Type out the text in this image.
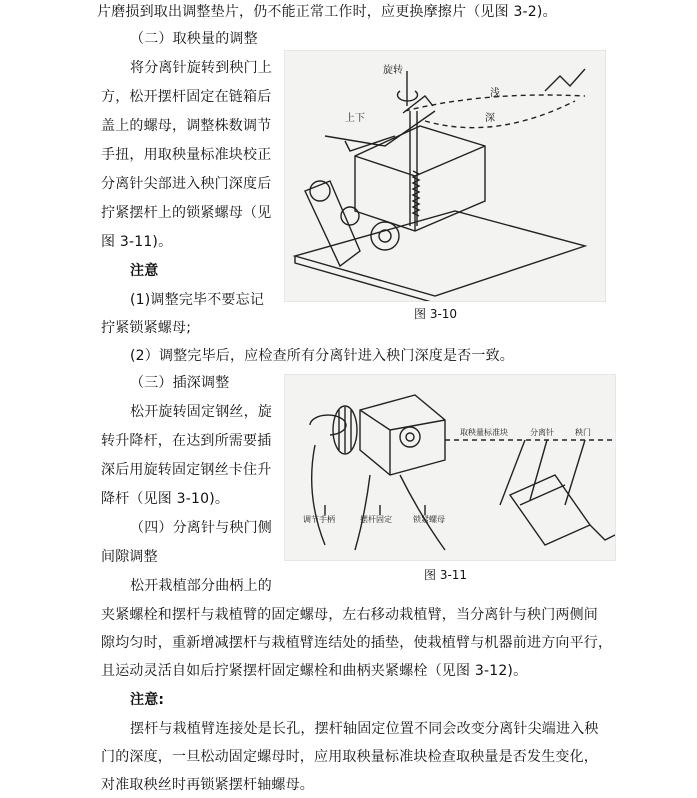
片磨损到取出调整垫片，仍不能正常工作时，应更换摩擦片（见图 3-2)。
（二）取秧量的调整
将分离针旋转到秧门上
方，松开摆杆固定在链箱后
盖上的螺母，调整株数调节
手扭，用取秧量标准块校正
分离针尖部进入秧门深度后
拧紧摆杆上的锁紧螺母（见
图 3-11)。
注意
(1)调整完毕不要忘记
拧紧锁紧螺母;
(2）调整完毕后，应检查所有分离针进入秧门深度是否一致。
旋转
上下
浅
深
图 3-10
（三）插深调整
松开旋转固定钢丝，旋
转升降杆，在达到所需要插
深后用旋转固定钢丝卡住升
降杆（见图 3-10)。
（四）分离针与秧门侧
间隙调整
松开栽植部分曲柄上的
夹紧螺栓和摆杆与栽植臂的固定螺母，左右移动栽植臂，当分离针与秧门两侧间
隙均匀时，重新增减摆杆与栽植臂连结处的插垫，使栽植臂与机器前进方向平行，
且运动灵活自如后拧紧摆杆固定螺栓和曲柄夹紧螺栓（见图 3-12)。
调节手柄	摆杆固定	锁紧螺母
取秧量标准块	分离针	秧门
图 3-11
注意:
摆杆与栽植臂连接处是长孔，摆杆轴固定位置不同会改变分离针尖端进入秧
门的深度，一旦松动固定螺母时，应用取秧量标准块检查取秧量是否发生变化，
对准取秧丝时再锁紧摆杆轴螺母。
